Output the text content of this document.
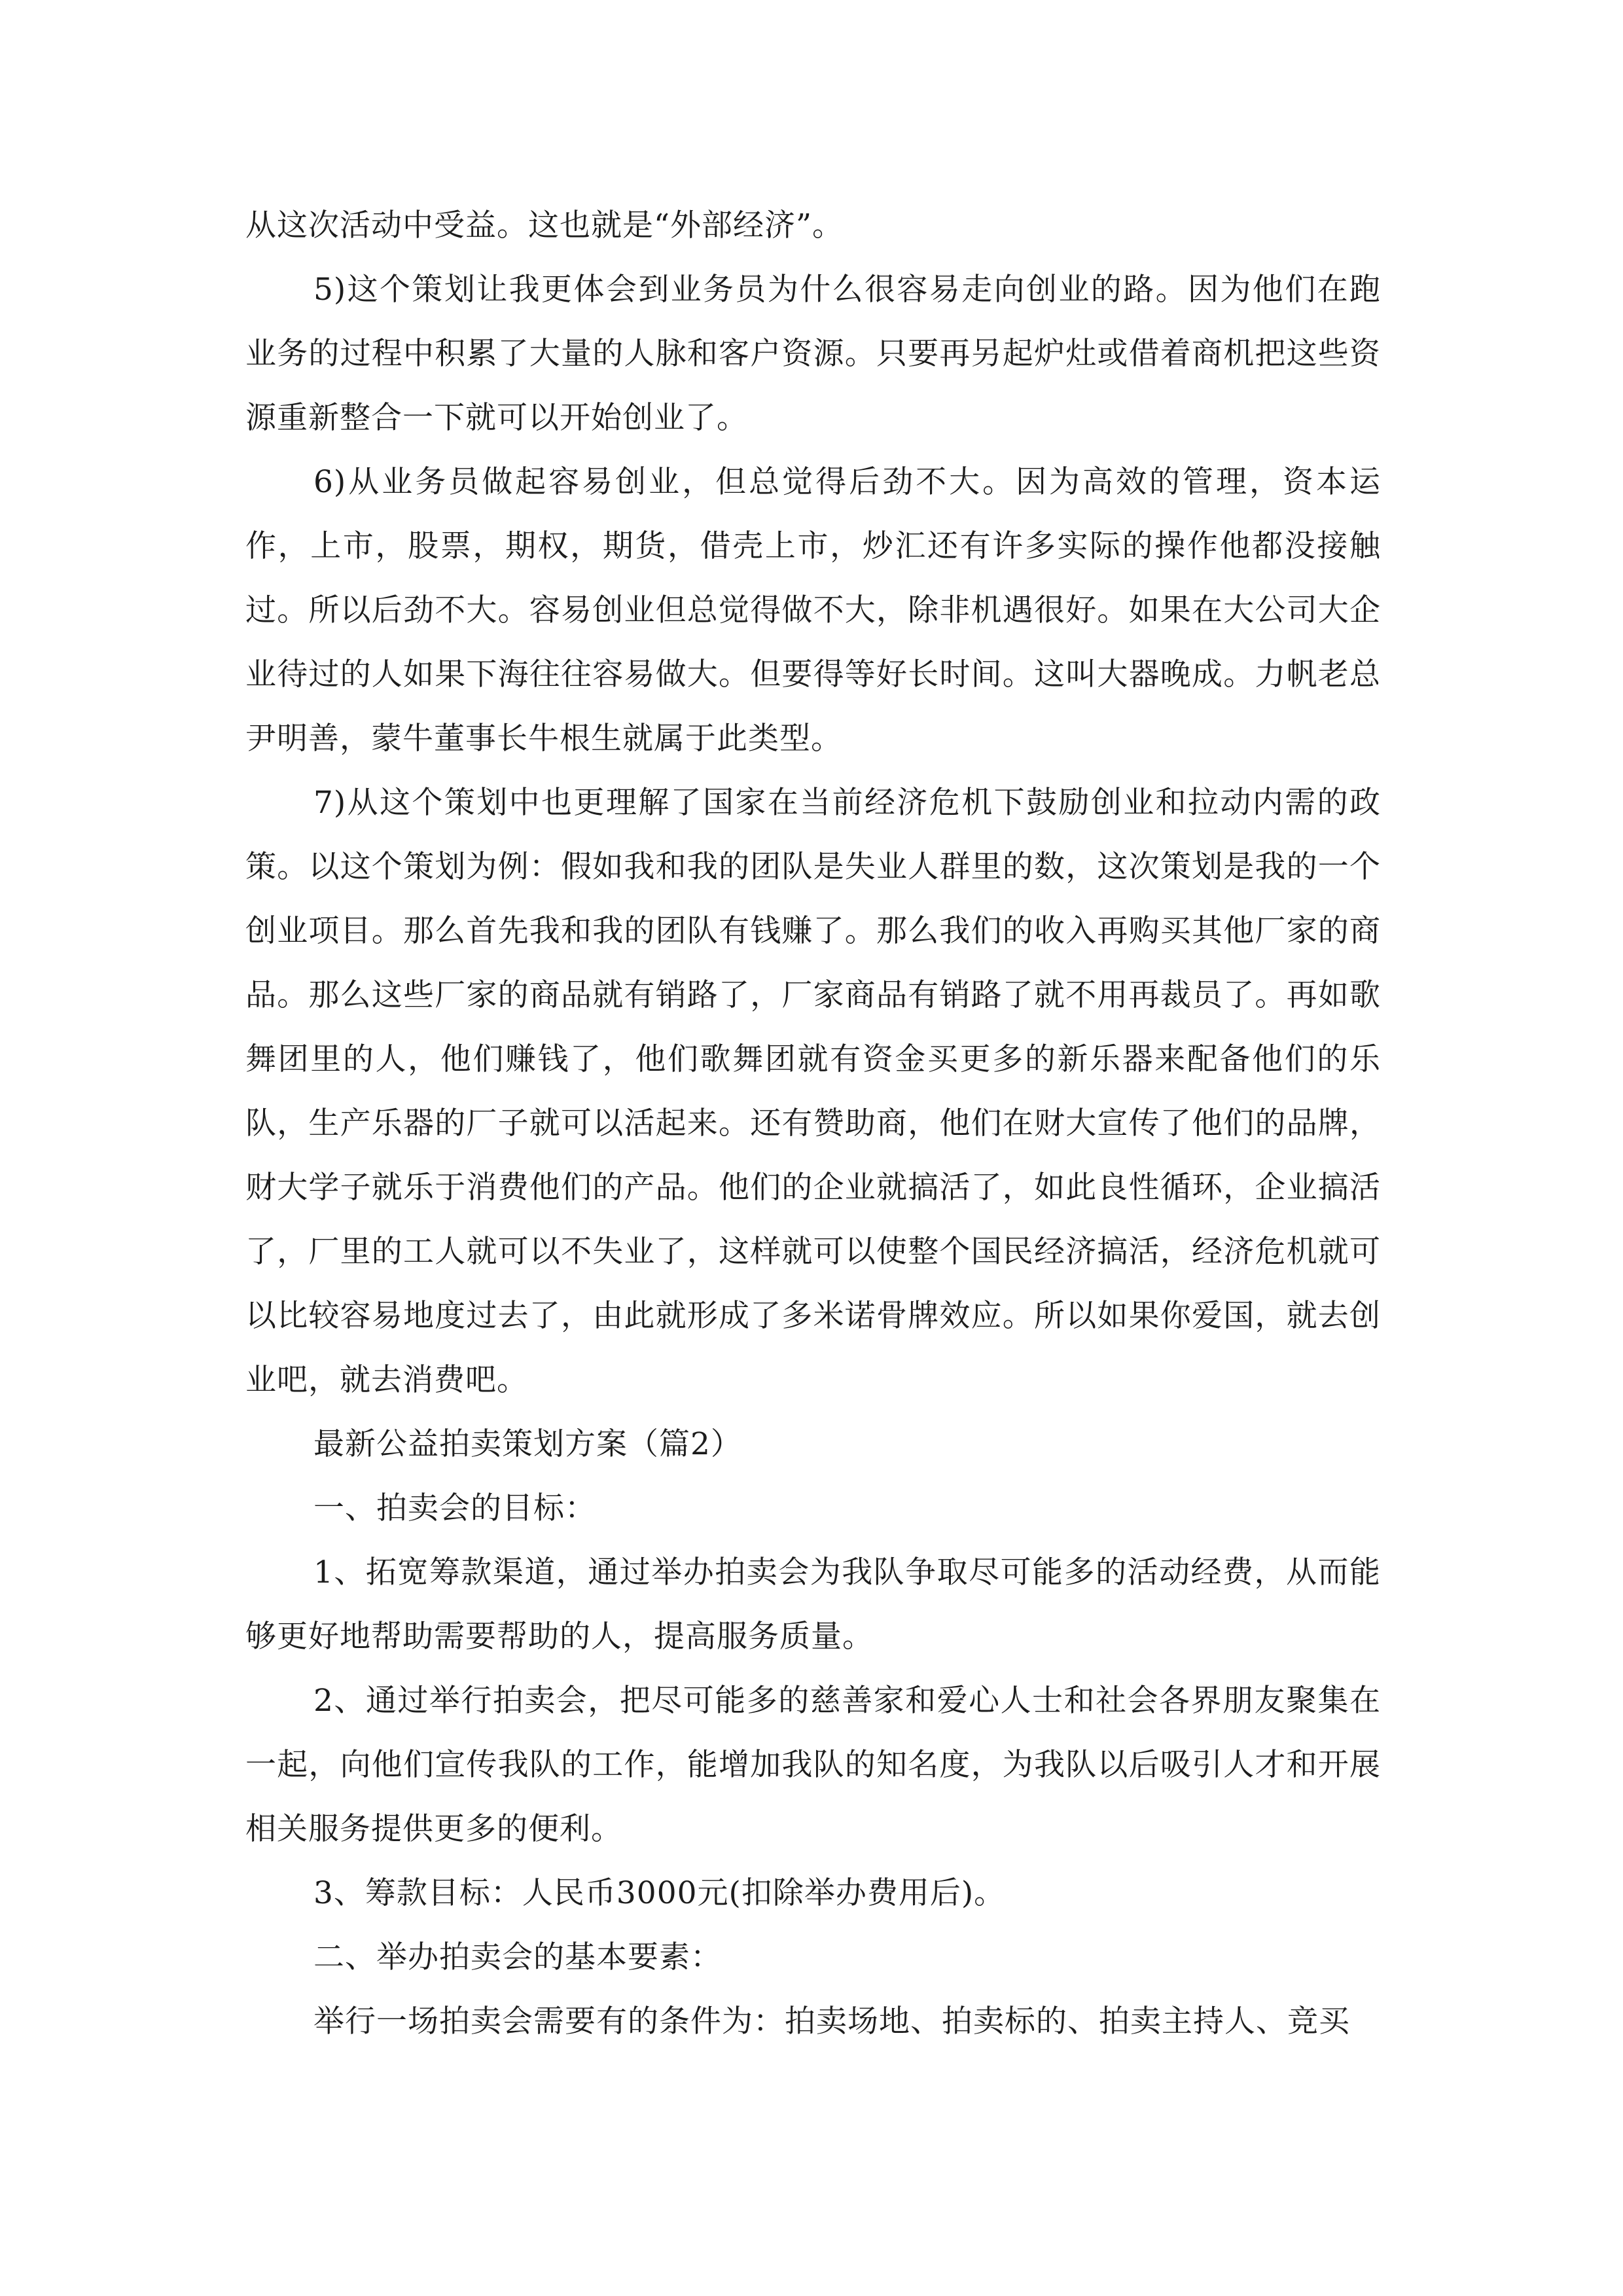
从这次活动中受益。这也就是“外部经济”。

5)这个策划让我更体会到业务员为什么很容易走向创业的路。因为他们在跑业务的过程中积累了大量的人脉和客户资源。只要再另起炉灶或借着商机把这些资源重新整合一下就可以开始创业了。

6)从业务员做起容易创业，但总觉得后劲不大。因为高效的管理，资本运作，上市，股票，期权，期货，借壳上市，炒汇还有许多实际的操作他都没接触过。所以后劲不大。容易创业但总觉得做不大，除非机遇很好。如果在大公司大企业待过的人如果下海往往容易做大。但要得等好长时间。这叫大器晚成。力帆老总尹明善，蒙牛董事长牛根生就属于此类型。

7)从这个策划中也更理解了国家在当前经济危机下鼓励创业和拉动内需的政策。以这个策划为例：假如我和我的团队是失业人群里的数，这次策划是我的一个创业项目。那么首先我和我的团队有钱赚了。那么我们的收入再购买其他厂家的商品。那么这些厂家的商品就有销路了，厂家商品有销路了就不用再裁员了。再如歌舞团里的人，他们赚钱了，他们歌舞团就有资金买更多的新乐器来配备他们的乐队，生产乐器的厂子就可以活起来。还有赞助商，他们在财大宣传了他们的品牌，财大学子就乐于消费他们的产品。他们的企业就搞活了，如此良性循环，企业搞活了，厂里的工人就可以不失业了，这样就可以使整个国民经济搞活，经济危机就可以比较容易地度过去了，由此就形成了多米诺骨牌效应。所以如果你爱国，就去创业吧，就去消费吧。

最新公益拍卖策划方案（篇2）

一、拍卖会的目标：

1、拓宽筹款渠道，通过举办拍卖会为我队争取尽可能多的活动经费，从而能够更好地帮助需要帮助的人，提高服务质量。

2、通过举行拍卖会，把尽可能多的慈善家和爱心人士和社会各界朋友聚集在一起，向他们宣传我队的工作，能增加我队的知名度，为我队以后吸引人才和开展相关服务提供更多的便利。

3、筹款目标：人民币3000元(扣除举办费用后)。

二、举办拍卖会的基本要素：

举行一场拍卖会需要有的条件为：拍卖场地、拍卖标的、拍卖主持人、竞买
